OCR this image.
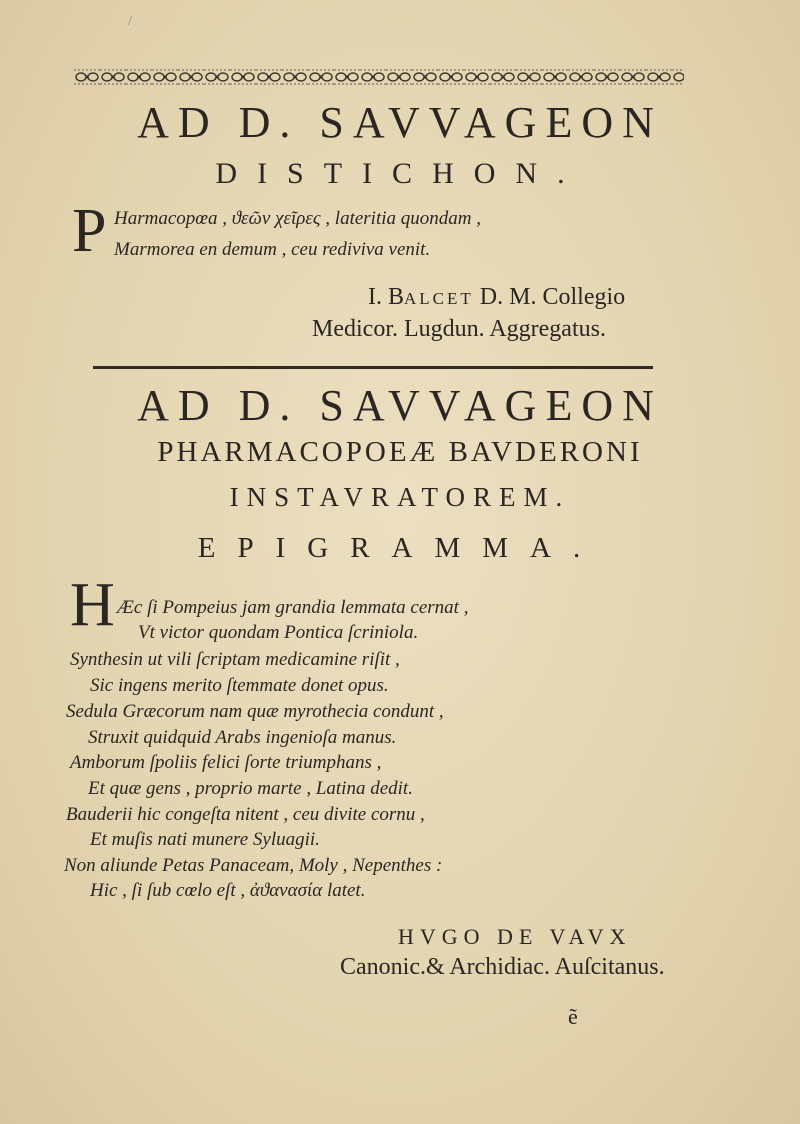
/
AD D. SAVVAGEON
DISTICHON.
P Harmacopœa , ϑεῶν χεῖρες , lateritia quondam ,
Marmorea en demum , ceu rediviva venit.
I. BALCET D. M. Collegio
Medicor. Lugdun. Aggregatus.
AD D. SAVVAGEON
PHARMACOPOEÆ BAVDERONI
INSTAVRATOREM.
EPIGRAMMA.
H Æc ſi Pompeius jam grandia lemmata cernat ,
Vt victor quondam Pontica ſcriniola.
Synthesin ut vili ſcriptam medicamine riſit ,
Sic ingens merito ſtemmate donet opus.
Sedula Græcorum nam quæ myrothecia condunt ,
Struxit quidquid Arabs ingenioſa manus.
Amborum ſpoliis felici ſorte triumphans ,
Et quæ gens , proprio marte , Latina dedit.
Bauderii hic congeſta nitent , ceu divite cornu ,
Et muſis nati munere Syluagii.
Non aliunde Petas Panaceam, Moly , Nepenthes :
Hic , ſi ſub cœlo eſt , ἀϑανασία latet.
HVGO DE VAVX
Canonic.& Archidiac. Auſcitanus.
ẽ
